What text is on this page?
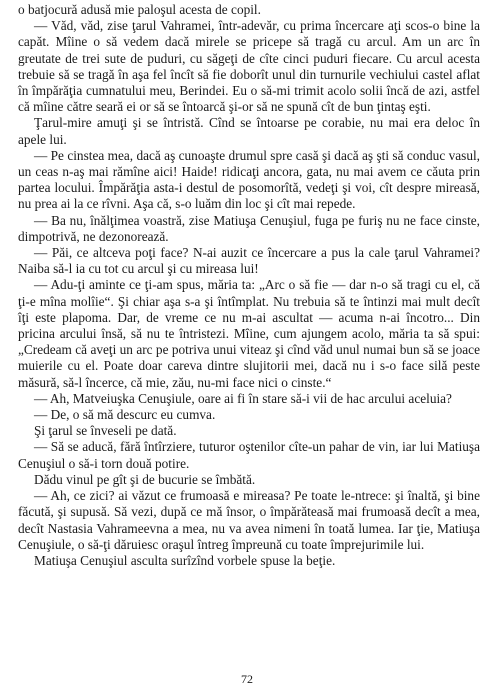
o batjocură adusă mie paloşul acesta de copil.

— Văd, văd, zise ţarul Vahramei, într-adevăr, cu prima încercare aţi scos-o bine la capăt. Mîine o să vedem dacă mirele se pricepe să tragă cu arcul. Am un arc în greutate de trei sute de puduri, cu săgeţi de cîte cinci puduri fiecare. Cu arcul acesta trebuie să se tragă în aşa fel încît să fie doborît unul din turnurile vechiului castel aflat în împărăţia cumnatului meu, Berindei. Eu o să-mi trimit acolo solii încă de azi, astfel că mîine către seară ei or să se întoarcă şi-or să ne spună cît de bun ţintaş eşti.

Ţarul-mire amuţi şi se întristă. Cînd se întoarse pe corabie, nu mai era deloc în apele lui.

— Pe cinstea mea, dacă aş cunoaşte drumul spre casă şi dacă aş şti să conduc vasul, un ceas n-aş mai rămîne aici! Haide! ridicaţi ancora, gata, nu mai avem ce căuta prin partea locului. Împărăţia asta-i destul de posomorîtă, vedeţi şi voi, cît despre mireasă, nu prea ai la ce rîvni. Aşa că, s-o luăm din loc şi cît mai repede.

— Ba nu, înălţimea voastră, zise Matiuşa Cenuşiul, fuga pe furiş nu ne face cinste, dimpotrivă, ne dezonorează.

— Păi, ce altceva poţi face? N-ai auzit ce încercare a pus la cale ţarul Vahramei? Naiba să-l ia cu tot cu arcul şi cu mireasa lui!

— Adu-ţi aminte ce ţi-am spus, măria ta: „Arc o să fie — dar n-o să tragi cu el, că ţi-e mîna molîie“. Şi chiar aşa s-a şi întîmplat. Nu trebuia să te întinzi mai mult decît îţi este plapoma. Dar, de vreme ce nu m-ai ascultat — acuma n-ai încotro... Din pricina arcului însă, să nu te întristezi. Mîine, cum ajungem acolo, măria ta să spui: „Credeam că aveţi un arc pe potriva unui viteaz şi cînd văd unul numai bun să se joace muierile cu el. Poate doar careva dintre slujitorii mei, dacă nu i s-o face silă peste măsură, să-l încerce, că mie, zău, nu-mi face nici o cinste.“

— Ah, Matveiuşka Cenuşiule, oare ai fi în stare să-i vii de hac arcului aceluia?

— De, o să mă descurc eu cumva.

Şi ţarul se înveseli pe dată.

— Să se aducă, fără întîrziere, tuturor oştenilor cîte-un pahar de vin, iar lui Matiuşa Cenuşiul o să-i torn două potire.

Dădu vinul pe gît şi de bucurie se îmbătă.

— Ah, ce zici? ai văzut ce frumoasă e mireasa? Pe toate le-ntrece: şi înaltă, şi bine făcută, şi supusă. Să vezi, după ce mă însor, o împărăteasă mai frumoasă decît a mea, decît Nastasia Vahrameevna a mea, nu va avea nimeni în toată lumea. Iar ţie, Matiuşa Cenuşiule, o să-ţi dăruiesc oraşul întreg împreună cu toate împrejurimile lui.

Matiuşa Cenuşiul asculta surîzînd vorbele spuse la beţie.

72
